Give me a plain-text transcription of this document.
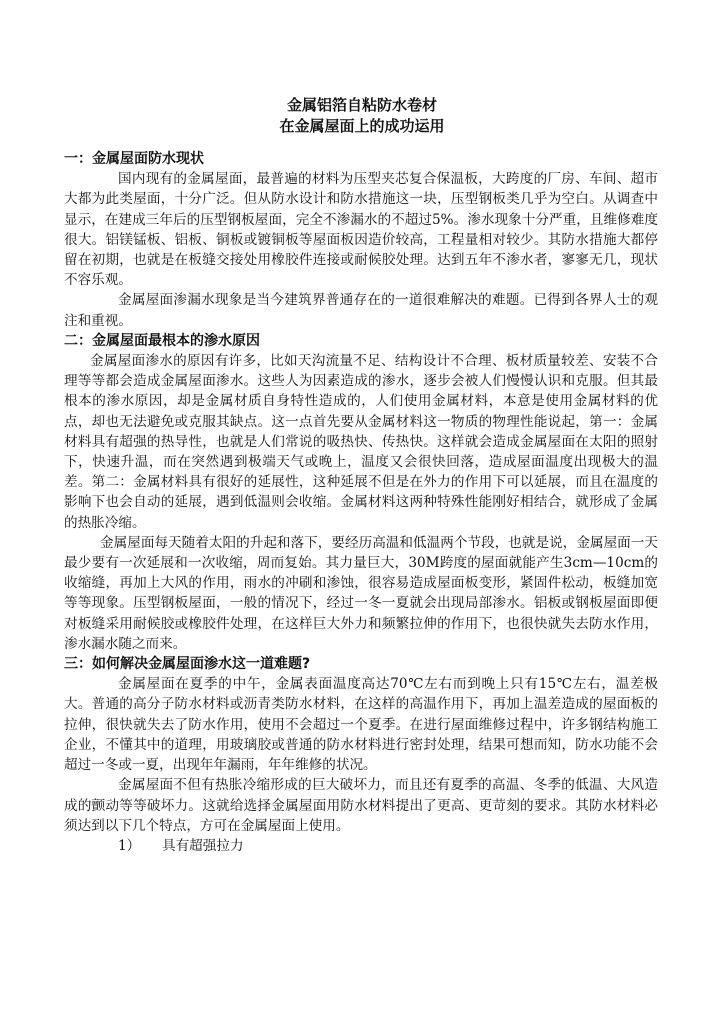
金属铝箔自粘防水卷材
在金属屋面上的成功运用

一：金属屋面防水现状

国内现有的金属屋面，最普遍的材料为压型夹芯复合保温板，大跨度的厂房、车间、超市大都为此类屋面，十分广泛。但从防水设计和防水措施这一块，压型钢板类几乎为空白。从调查中显示，在建成三年后的压型钢板屋面，完全不渗漏水的不超过5%。渗水现象十分严重，且维修难度很大。铝镁锰板、铝板、铜板或镀铜板等屋面板因造价较高，工程量相对较少。其防水措施大都停留在初期，也就是在板缝交接处用橡胶件连接或耐候胶处理。达到五年不渗水者，寥寥无几，现状不容乐观。

金属屋面渗漏水现象是当今建筑界普通存在的一道很难解决的难题。已得到各界人士的观注和重视。

二：金属屋面最根本的渗水原因

金属屋面渗水的原因有许多，比如天沟流量不足、结构设计不合理、板材质量较差、安装不合理等等都会造成金属屋面渗水。这些人为因素造成的渗水，逐步会被人们慢慢认识和克服。但其最根本的渗水原因，却是金属材质自身特性造成的，人们使用金属材料，本意是使用金属材料的优点，却也无法避免或克服其缺点。这一点首先要从金属材料这一物质的物理性能说起，第一：金属材料具有超强的热导性，也就是人们常说的吸热快、传热快。这样就会造成金属屋面在太阳的照射下，快速升温，而在突然遇到极端天气或晚上，温度又会很快回落，造成屋面温度出现极大的温差。第二：金属材料具有很好的延展性，这种延展不但是在外力的作用下可以延展，而且在温度的影响下也会自动的延展，遇到低温则会收缩。金属材料这两种特殊性能刚好相结合，就形成了金属的热胀冷缩。

金属屋面每天随着太阳的升起和落下，要经历高温和低温两个节段，也就是说，金属屋面一天最少要有一次延展和一次收缩，周而复始。其力量巨大，30M跨度的屋面就能产生3cm—10cm的收缩缝，再加上大风的作用，雨水的冲刷和渗蚀，很容易造成屋面板变形，紧固件松动，板缝加宽等等现象。压型钢板屋面，一般的情况下，经过一冬一夏就会出现局部渗水。铝板或钢板屋面即便对板缝采用耐候胶或橡胶件处理，在这样巨大外力和频繁拉伸的作用下，也很快就失去防水作用，渗水漏水随之而来。

三：如何解决金属屋面渗水这一道难题?

金属屋面在夏季的中午，金属表面温度高达70℃左右而到晚上只有15℃左右，温差极大。普通的高分子防水材料或沥青类防水材料，在这样的高温作用下，再加上温差造成的屋面板的拉伸，很快就失去了防水作用，使用不会超过一个夏季。在进行屋面维修过程中，许多钢结构施工企业，不懂其中的道理，用玻璃胶或普通的防水材料进行密封处理，结果可想而知，防水功能不会超过一冬或一夏，出现年年漏雨，年年维修的状况。

金属屋面不但有热胀冷缩形成的巨大破坏力，而且还有夏季的高温、冬季的低温、大风造成的颤动等等破坏力。这就给选择金属屋面用防水材料提出了更高、更苛刻的要求。其防水材料必须达到以下几个特点，方可在金属屋面上使用。

1） 具有超强拉力
